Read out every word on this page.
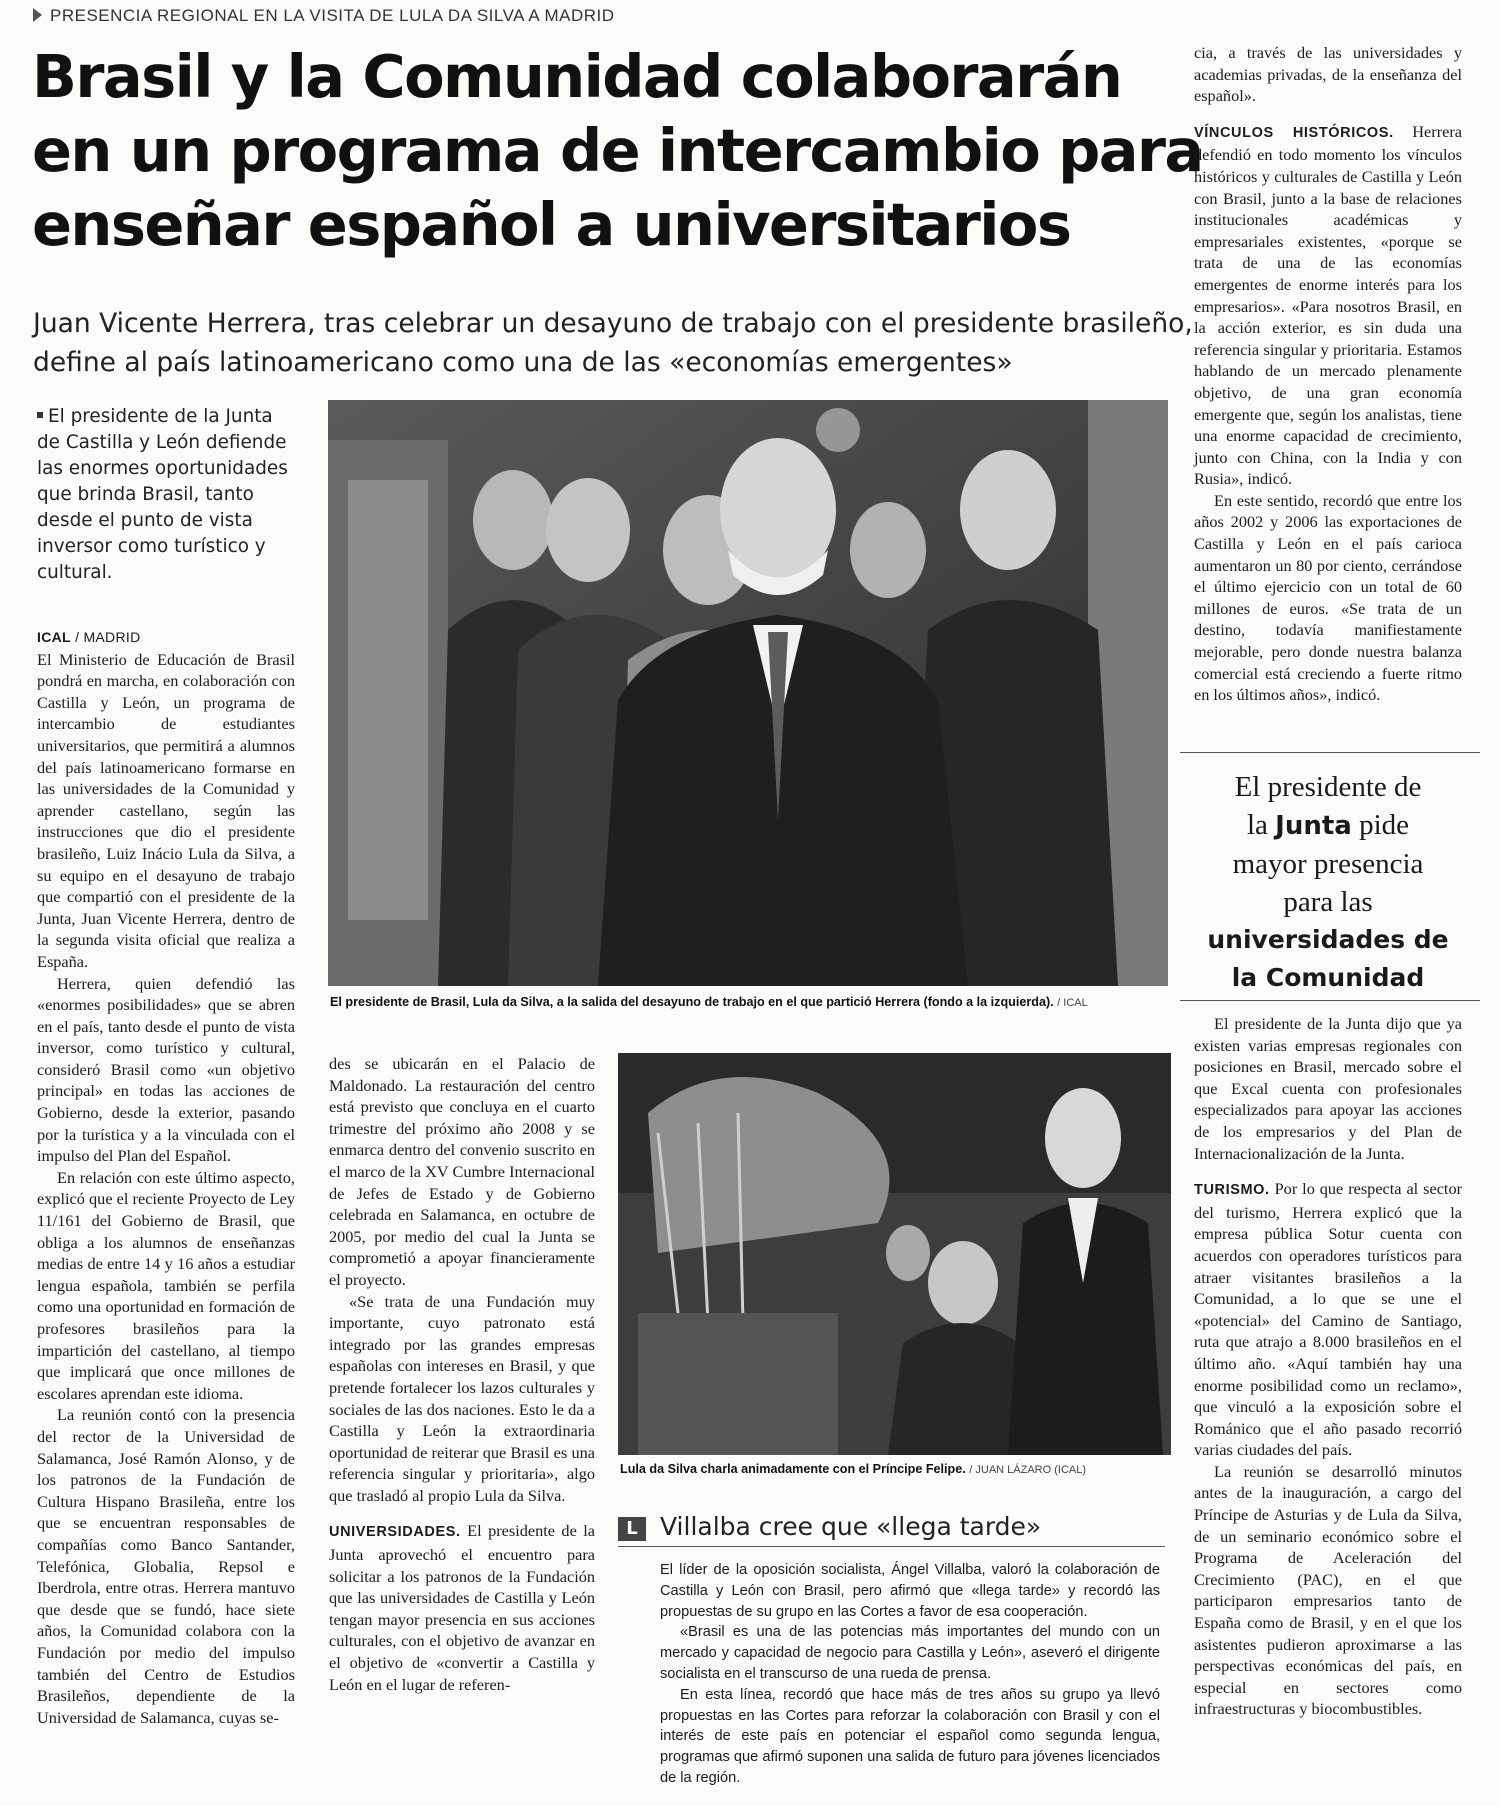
PRESENCIA REGIONAL EN LA VISITA DE LULA DA SILVA A MADRID
Brasil y la Comunidad colaborarán
en un programa de intercambio para
enseñar español a universitarios
Juan Vicente Herrera, tras celebrar un desayuno de trabajo con el presidente brasileño,
define al país latinoamericano como una de las «economías emergentes»
El presidente de la Junta de Castilla y León defiende las enormes oportunidades que brinda Brasil, tanto desde el punto de vista inversor como turístico y cultural.
ICAL / MADRID

El Ministerio de Educación de Brasil pondrá en marcha, en colaboración con Castilla y León, un programa de intercambio de estudiantes universitarios, que permitirá a alumnos del país latinoamericano formarse en las universidades de la Comunidad y aprender castellano, según las instrucciones que dio el presidente brasileño, Luiz Inácio Lula da Silva, a su equipo en el desayuno de trabajo que compartió con el presidente de la Junta, Juan Vicente Herrera, dentro de la segunda visita oficial que realiza a España.

Herrera, quien defendió las «enormes posibilidades» que se abren en el país, tanto desde el punto de vista inversor, como turístico y cultural, consideró Brasil como «un objetivo principal» en todas las acciones de Gobierno, desde la exterior, pasando por la turística y a la vinculada con el impulso del Plan del Español.

En relación con este último aspecto, explicó que el reciente Proyecto de Ley 11/161 del Gobierno de Brasil, que obliga a los alumnos de enseñanzas medias de entre 14 y 16 años a estudiar lengua española, también se perfila como una oportunidad en formación de profesores brasileños para la impartición del castellano, al tiempo que implicará que once millones de escolares aprendan este idioma.

La reunión contó con la presencia del rector de la Universidad de Salamanca, José Ramón Alonso, y de los patronos de la Fundación de Cultura Hispano Brasileña, entre los que se encuentran responsables de compañías como Banco Santander, Telefónica, Globalia, Repsol e Iberdrola, entre otras. Herrera mantuvo que desde que se fundó, hace siete años, la Comunidad colabora con la Fundación por medio del impulso también del Centro de Estudios Brasileños, dependiente de la Universidad de Salamanca, cuyas se-

El presidente de Brasil, Lula da Silva, a la salida del desayuno de trabajo en el que partició Herrera (fondo a la izquierda). / ICAL

des se ubicarán en el Palacio de Maldonado. La restauración del centro está previsto que concluya en el cuarto trimestre del próximo año 2008 y se enmarca dentro del convenio suscrito en el marco de la XV Cumbre Internacional de Jefes de Estado y de Gobierno celebrada en Salamanca, en octubre de 2005, por medio del cual la Junta se comprometió a apoyar financieramente el proyecto.

«Se trata de una Fundación muy importante, cuyo patronato está integrado por las grandes empresas españolas con intereses en Brasil, y que pretende fortalecer los lazos culturales y sociales de las dos naciones. Esto le da a Castilla y León la extraordinaria oportunidad de reiterar que Brasil es una referencia singular y prioritaria», algo que trasladó al propio Lula da Silva.

UNIVERSIDADES. El presidente de la Junta aprovechó el encuentro para solicitar a los patronos de la Fundación que las universidades de Castilla y León tengan mayor presencia en sus acciones culturales, con el objetivo de avanzar en el objetivo de «convertir a Castilla y León en el lugar de referen-

Lula da Silva charla animadamente con el Príncipe Felipe. / JUAN LÁZARO (ICAL)
L Villalba cree que «llega tarde»

El líder de la oposición socialista, Ángel Villalba, valoró la colaboración de Castilla y León con Brasil, pero afirmó que «llega tarde» y recordó las propuestas de su grupo en las Cortes a favor de esa cooperación.

«Brasil es una de las potencias más importantes del mundo con un mercado y capacidad de negocio para Castilla y León», aseveró el dirigente socialista en el transcurso de una rueda de prensa.

En esta línea, recordó que hace más de tres años su grupo ya llevó propuestas en las Cortes para reforzar la colaboración con Brasil y con el interés de este país en potenciar el español como segunda lengua, programas que afirmó suponen una salida de futuro para jóvenes licenciados de la región.

cia, a través de las universidades y academias privadas, de la enseñanza del español».

VÍNCULOS HISTÓRICOS. Herrera defendió en todo momento los vínculos históricos y culturales de Castilla y León con Brasil, junto a la base de relaciones institucionales académicas y empresariales existentes, «porque se trata de una de las economías emergentes de enorme interés para los empresarios». «Para nosotros Brasil, en la acción exterior, es sin duda una referencia singular y prioritaria. Estamos hablando de un mercado plenamente objetivo, de una gran economía emergente que, según los analistas, tiene una enorme capacidad de crecimiento, junto con China, con la India y con Rusia», indicó.

En este sentido, recordó que entre los años 2002 y 2006 las exportaciones de Castilla y León en el país carioca aumentaron un 80 por ciento, cerrándose el último ejercicio con un total de 60 millones de euros. «Se trata de un destino, todavía manifiestamente mejorable, pero donde nuestra balanza comercial está creciendo a fuerte ritmo en los últimos años», indicó.

El presidente de
la Junta pide
mayor presencia
para las
universidades de
la Comunidad

El presidente de la Junta dijo que ya existen varias empresas regionales con posiciones en Brasil, mercado sobre el que Excal cuenta con profesionales especializados para apoyar las acciones de los empresarios y del Plan de Internacionalización de la Junta.

TURISMO. Por lo que respecta al sector del turismo, Herrera explicó que la empresa pública Sotur cuenta con acuerdos con operadores turísticos para atraer visitantes brasileños a la Comunidad, a lo que se une el «potencial» del Camino de Santiago, ruta que atrajo a 8.000 brasileños en el último año. «Aquí también hay una enorme posibilidad como un reclamo», que vinculó a la exposición sobre el Románico que el año pasado recorrió varias ciudades del país.

La reunión se desarrolló minutos antes de la inauguración, a cargo del Príncipe de Asturias y de Lula da Silva, de un seminario económico sobre el Programa de Aceleración del Crecimiento (PAC), en el que participaron empresarios tanto de España como de Brasil, y en el que los asistentes pudieron aproximarse a las perspectivas económicas del país, en especial en sectores como infraestructuras y biocombustibles.
